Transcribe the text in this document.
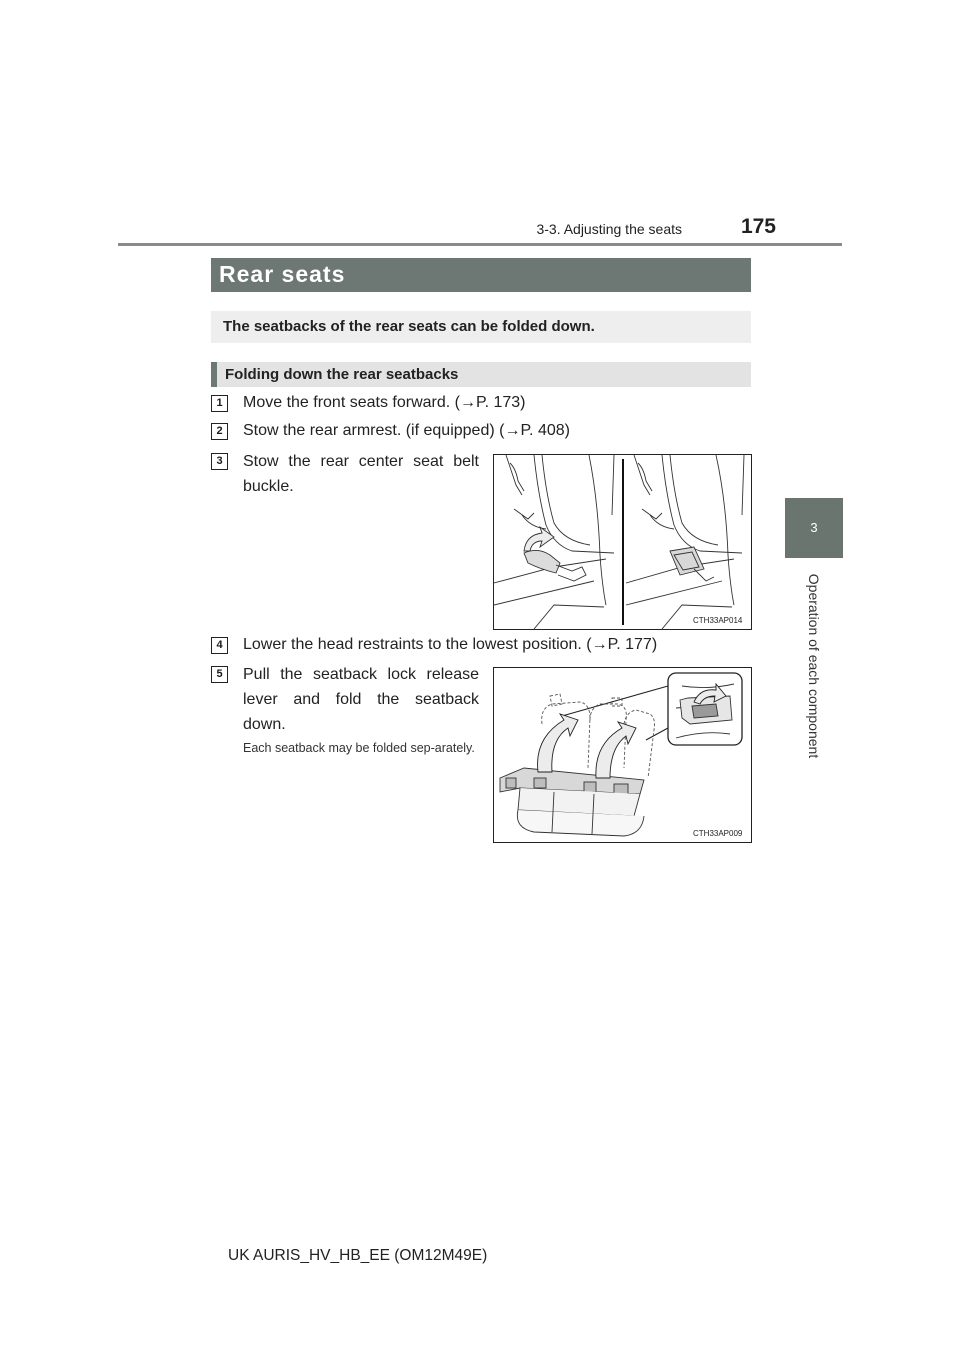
3-3. Adjusting the seats	175
3
Operation of each component
Rear seats
The seatbacks of the rear seats can be folded down.
Folding down the rear seatbacks
1	Move the front seats forward. (→P. 173)
2	Stow the rear armrest. (if equipped) (→P. 408)
3	Stow the rear center seat belt buckle.
CTH33AP014
4	Lower the head restraints to the lowest position. (→P. 177)
5	Pull the seatback lock release lever and fold the seatback down.
Each seatback may be folded sep-arately.
CTH33AP009
UK AURIS_HV_HB_EE (OM12M49E)
